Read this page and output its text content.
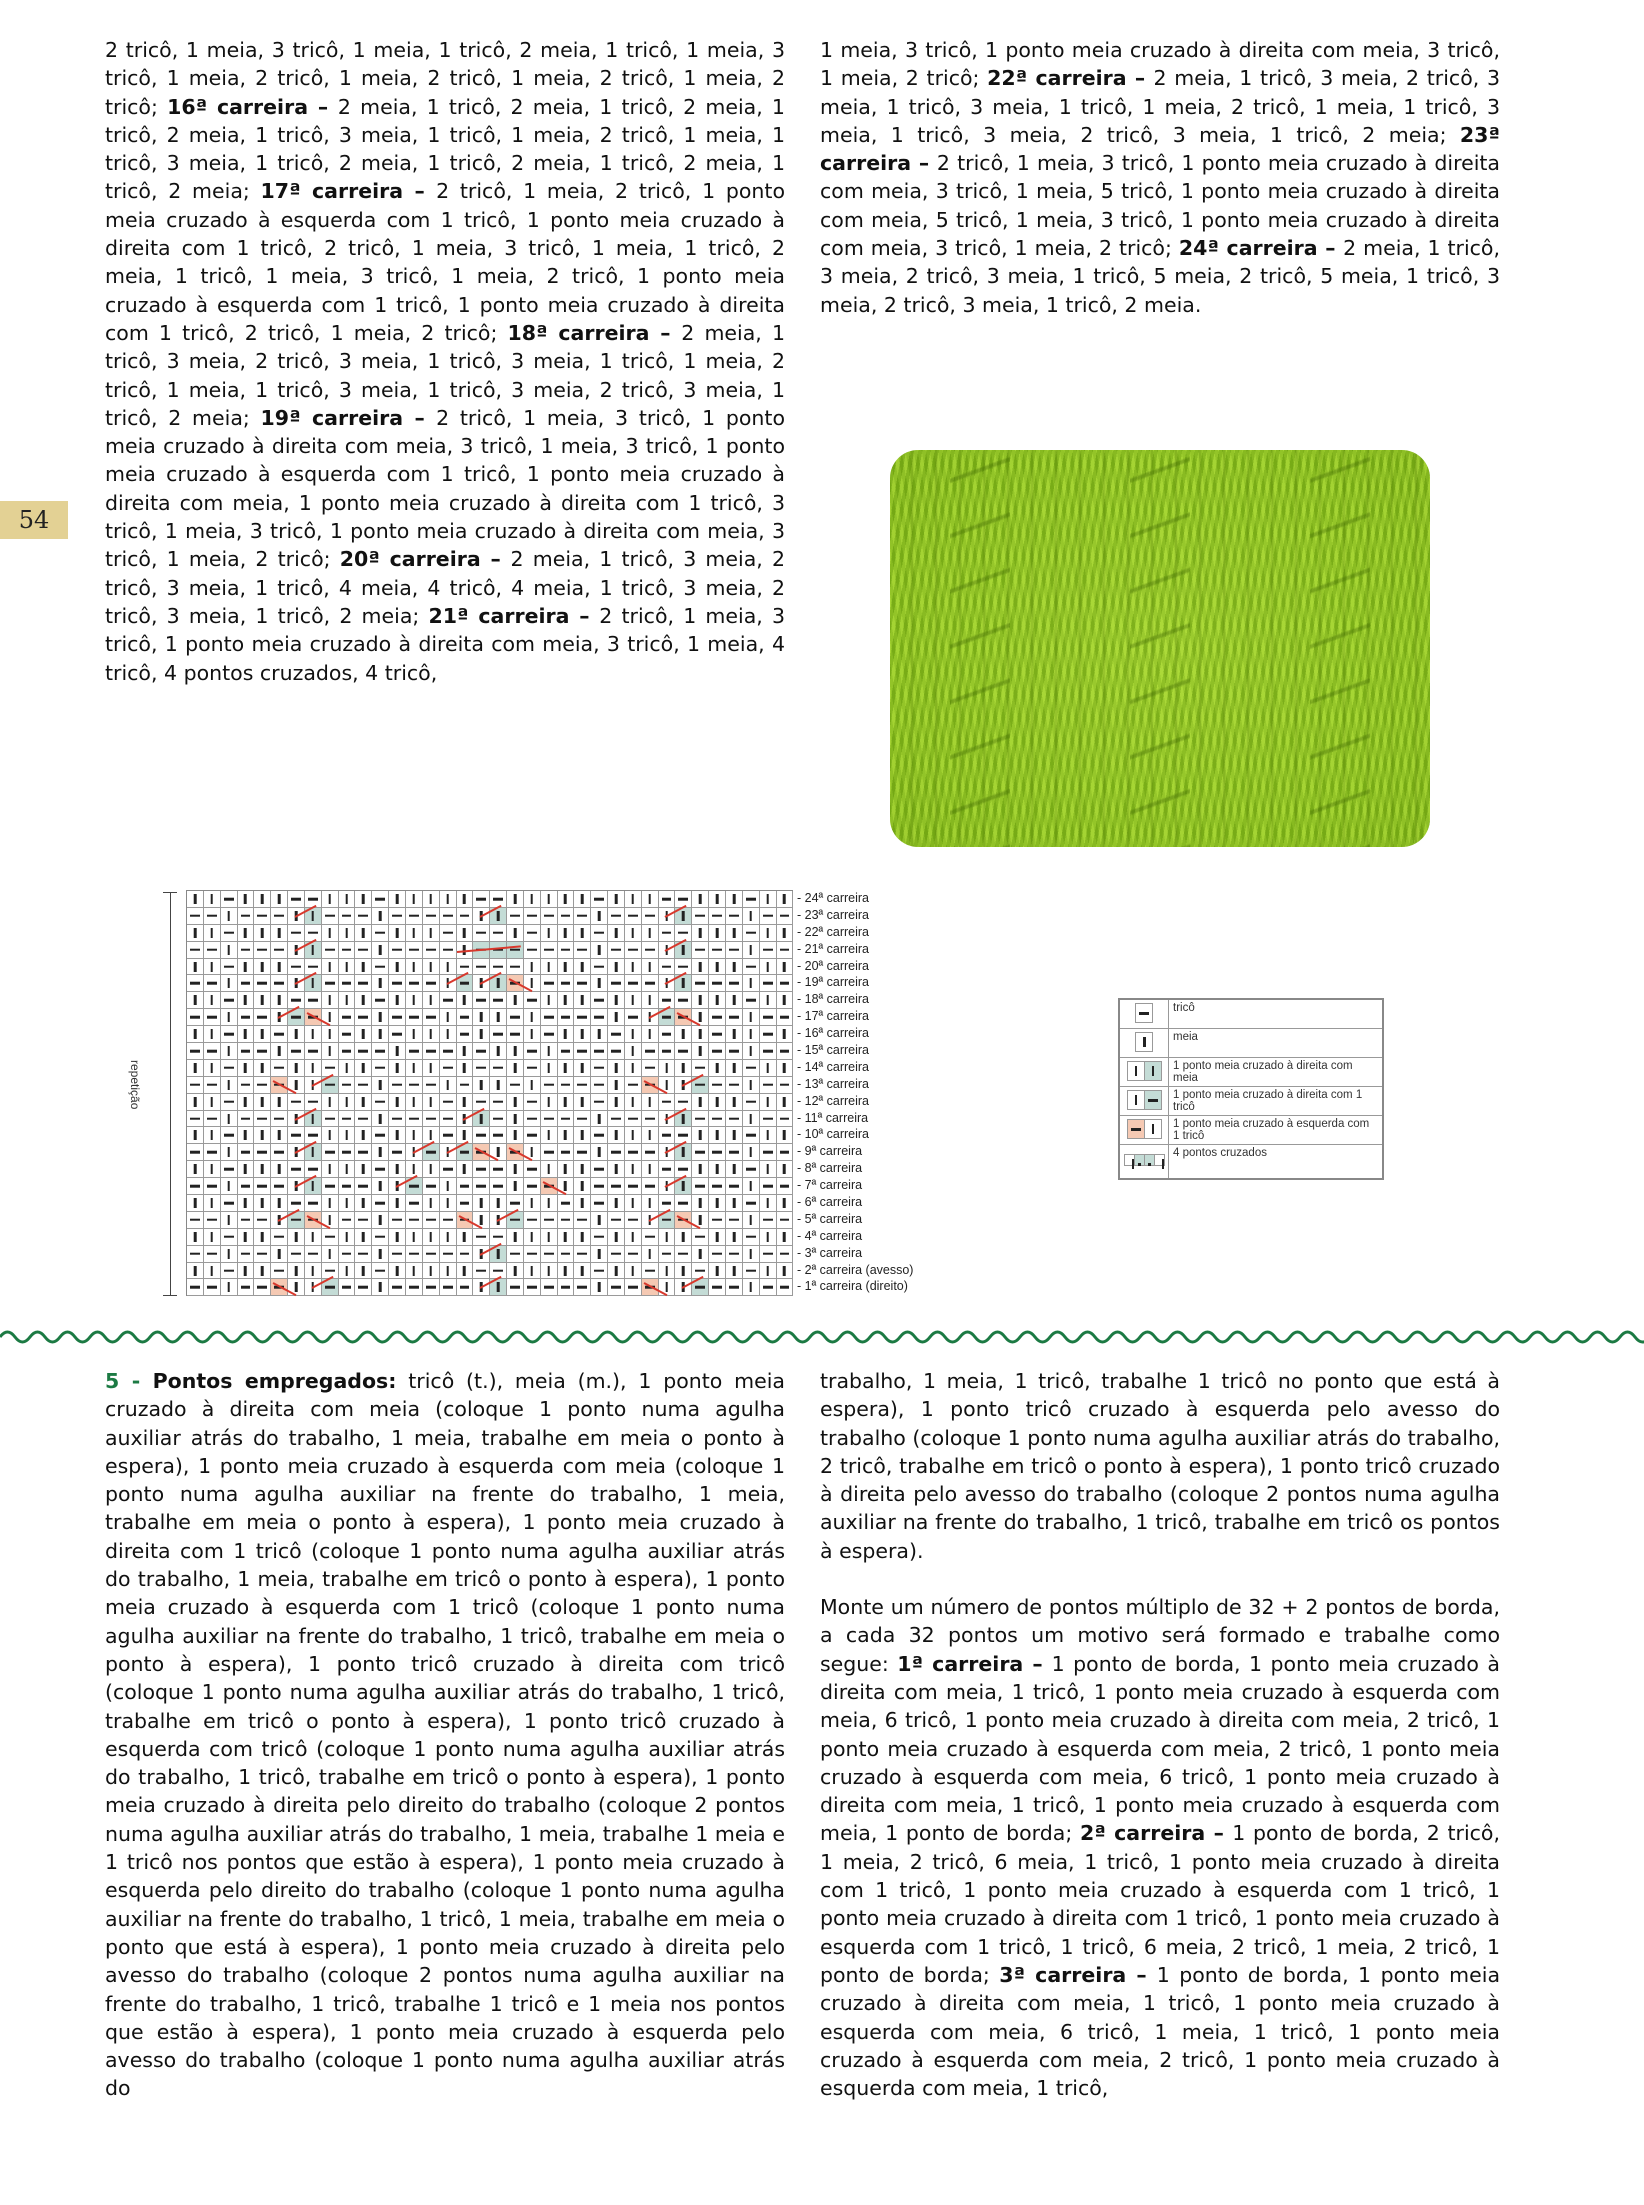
54
2 tricô, 1 meia, 3 tricô, 1 meia, 1 tricô, 2 meia, 1 tricô, 1 meia, 3 tricô, 1 meia, 2 tricô, 1 meia, 2 tricô, 1 meia, 2 tricô, 1 meia, 2 tricô; 16ª carreira – 2 meia, 1 tricô, 2 meia, 1 tricô, 2 meia, 1 tricô, 2 meia, 1 tricô, 3 meia, 1 tricô, 1 meia, 2 tricô, 1 meia, 1 tricô, 3 meia, 1 tricô, 2 meia, 1 tricô, 2 meia, 1 tricô, 2 meia, 1 tricô, 2 meia; 17ª carreira – 2 tricô, 1 meia, 2 tricô, 1 ponto meia cruzado à esquerda com 1 tricô, 1 ponto meia cruzado à direita com 1 tricô, 2 tricô, 1 meia, 3 tricô, 1 meia, 1 tricô, 2 meia, 1 tricô, 1 meia, 3 tricô, 1 meia, 2 tricô, 1 ponto meia cruzado à esquerda com 1 tricô, 1 ponto meia cruzado à direita com 1 tricô, 2 tricô, 1 meia, 2 tricô; 18ª carreira – 2 meia, 1 tricô, 3 meia, 2 tricô, 3 meia, 1 tricô, 3 meia, 1 tricô, 1 meia, 2 tricô, 1 meia, 1 tricô, 3 meia, 1 tricô, 3 meia, 2 tricô, 3 meia, 1 tricô, 2 meia; 19ª carreira – 2 tricô, 1 meia, 3 tricô, 1 ponto meia cruzado à direita com meia, 3 tricô, 1 meia, 3 tricô, 1 ponto meia cruzado à esquerda com 1 tricô, 1 ponto meia cruzado à direita com meia, 1 ponto meia cruzado à direita com 1 tricô, 3 tricô, 1 meia, 3 tricô, 1 ponto meia cruzado à direita com meia, 3 tricô, 1 meia, 2 tricô; 20ª carreira – 2 meia, 1 tricô, 3 meia, 2 tricô, 3 meia, 1 tricô, 4 meia, 4 tricô, 4 meia, 1 tricô, 3 meia, 2 tricô, 3 meia, 1 tricô, 2 meia; 21ª carreira – 2 tricô, 1 meia, 3 tricô, 1 ponto meia cruzado à direita com meia, 3 tricô, 1 meia, 4 tricô, 4 pontos cruzados, 4 tricô,
1 meia, 3 tricô, 1 ponto meia cruzado à direita com meia, 3 tricô, 1 meia, 2 tricô; 22ª carreira – 2 meia, 1 tricô, 3 meia, 2 tricô, 3 meia, 1 tricô, 3 meia, 1 tricô, 1 meia, 2 tricô, 1 meia, 1 tricô, 3 meia, 1 tricô, 3 meia, 2 tricô, 3 meia, 1 tricô, 2 meia; 23ª carreira – 2 tricô, 1 meia, 3 tricô, 1 ponto meia cruzado à direita com meia, 3 tricô, 1 meia, 5 tricô, 1 ponto meia cruzado à direita com meia, 5 tricô, 1 meia, 3 tricô, 1 ponto meia cruzado à direita com meia, 3 tricô, 1 meia, 2 tricô; 24ª carreira – 2 meia, 1 tricô, 3 meia, 2 tricô, 3 meia, 1 tricô, 5 meia, 2 tricô, 5 meia, 1 tricô, 3 meia, 2 tricô, 3 meia, 1 tricô, 2 meia.
repetição
- 24ª carreira
- 23ª carreira
- 22ª carreira
- 21ª carreira
- 20ª carreira
- 19ª carreira
- 18ª carreira
- 17ª carreira
- 16ª carreira
- 15ª carreira
- 14ª carreira
- 13ª carreira
- 12ª carreira
- 11ª carreira
- 10ª carreira
- 9ª carreira
- 8ª carreira
- 7ª carreira
- 6ª carreira
- 5ª carreira
- 4ª carreira
- 3ª carreira
- 2ª carreira (avesso)
- 1ª carreira (direito)
	tricô

	meia

	1 ponto meia cruzado à direita com meia

	1 ponto meia cruzado à direita com 1 tricô

	1 ponto meia cruzado à esquerda com 1 tricô

	4 pontos cruzados
5 - Pontos empregados: tricô (t.), meia (m.), 1 ponto meia cruzado à direita com meia (coloque 1 ponto numa agulha auxiliar atrás do trabalho, 1 meia, trabalhe em meia o ponto à espera), 1 ponto meia cruzado à esquerda com meia (coloque 1 ponto numa agulha auxiliar na frente do trabalho, 1 meia, trabalhe em meia o ponto à espera), 1 ponto meia cruzado à direita com 1 tricô (coloque 1 ponto numa agulha auxiliar atrás do trabalho, 1 meia, trabalhe em tricô o ponto à espera), 1 ponto meia cruzado à esquerda com 1 tricô (coloque 1 ponto numa agulha auxiliar na frente do trabalho, 1 tricô, trabalhe em meia o ponto à espera), 1 ponto tricô cruzado à direita com tricô (coloque 1 ponto numa agulha auxiliar atrás do trabalho, 1 tricô, trabalhe em tricô o ponto à espera), 1 ponto tricô cruzado à esquerda com tricô (coloque 1 ponto numa agulha auxiliar atrás do trabalho, 1 tricô, trabalhe em tricô o ponto à espera), 1 ponto meia cruzado à direita pelo direito do trabalho (coloque 2 pontos numa agulha auxiliar atrás do trabalho, 1 meia, trabalhe 1 meia e 1 tricô nos pontos que estão à espera), 1 ponto meia cruzado à esquerda pelo direito do trabalho (coloque 1 ponto numa agulha auxiliar na frente do trabalho, 1 tricô, 1 meia, trabalhe em meia o ponto que está à espera), 1 ponto meia cruzado à direita pelo avesso do trabalho (coloque 2 pontos numa agulha auxiliar na frente do trabalho, 1 tricô, trabalhe 1 tricô e 1 meia nos pontos que estão à espera), 1 ponto meia cruzado à esquerda pelo avesso do trabalho (coloque 1 ponto numa agulha auxiliar atrás do
trabalho, 1 meia, 1 tricô, trabalhe 1 tricô no ponto que está à espera), 1 ponto tricô cruzado à esquerda pelo avesso do trabalho (coloque 1 ponto numa agulha auxiliar atrás do trabalho, 2 tricô, trabalhe em tricô o ponto à espera), 1 ponto tricô cruzado à direita pelo avesso do trabalho (coloque 2 pontos numa agulha auxiliar na frente do trabalho, 1 tricô, trabalhe em tricô os pontos à espera).
Monte um número de pontos múltiplo de 32 + 2 pontos de borda, a cada 32 pontos um motivo será formado e trabalhe como segue: 1ª carreira – 1 ponto de borda, 1 ponto meia cruzado à direita com meia, 1 tricô, 1 ponto meia cruzado à esquerda com meia, 6 tricô, 1 ponto meia cruzado à direita com meia, 2 tricô, 1 ponto meia cruzado à esquerda com meia, 2 tricô, 1 ponto meia cruzado à esquerda com meia, 6 tricô, 1 ponto meia cruzado à direita com meia, 1 tricô, 1 ponto meia cruzado à esquerda com meia, 1 ponto de borda; 2ª carreira – 1 ponto de borda, 2 tricô, 1 meia, 2 tricô, 6 meia, 1 tricô, 1 ponto meia cruzado à direita com 1 tricô, 1 ponto meia cruzado à esquerda com 1 tricô, 1 ponto meia cruzado à direita com 1 tricô, 1 ponto meia cruzado à esquerda com 1 tricô, 1 tricô, 6 meia, 2 tricô, 1 meia, 2 tricô, 1 ponto de borda; 3ª carreira – 1 ponto de borda, 1 ponto meia cruzado à direita com meia, 1 tricô, 1 ponto meia cruzado à esquerda com meia, 6 tricô, 1 meia, 1 tricô, 1 ponto meia cruzado à esquerda com meia, 2 tricô, 1 ponto meia cruzado à esquerda com meia, 1 tricô,
